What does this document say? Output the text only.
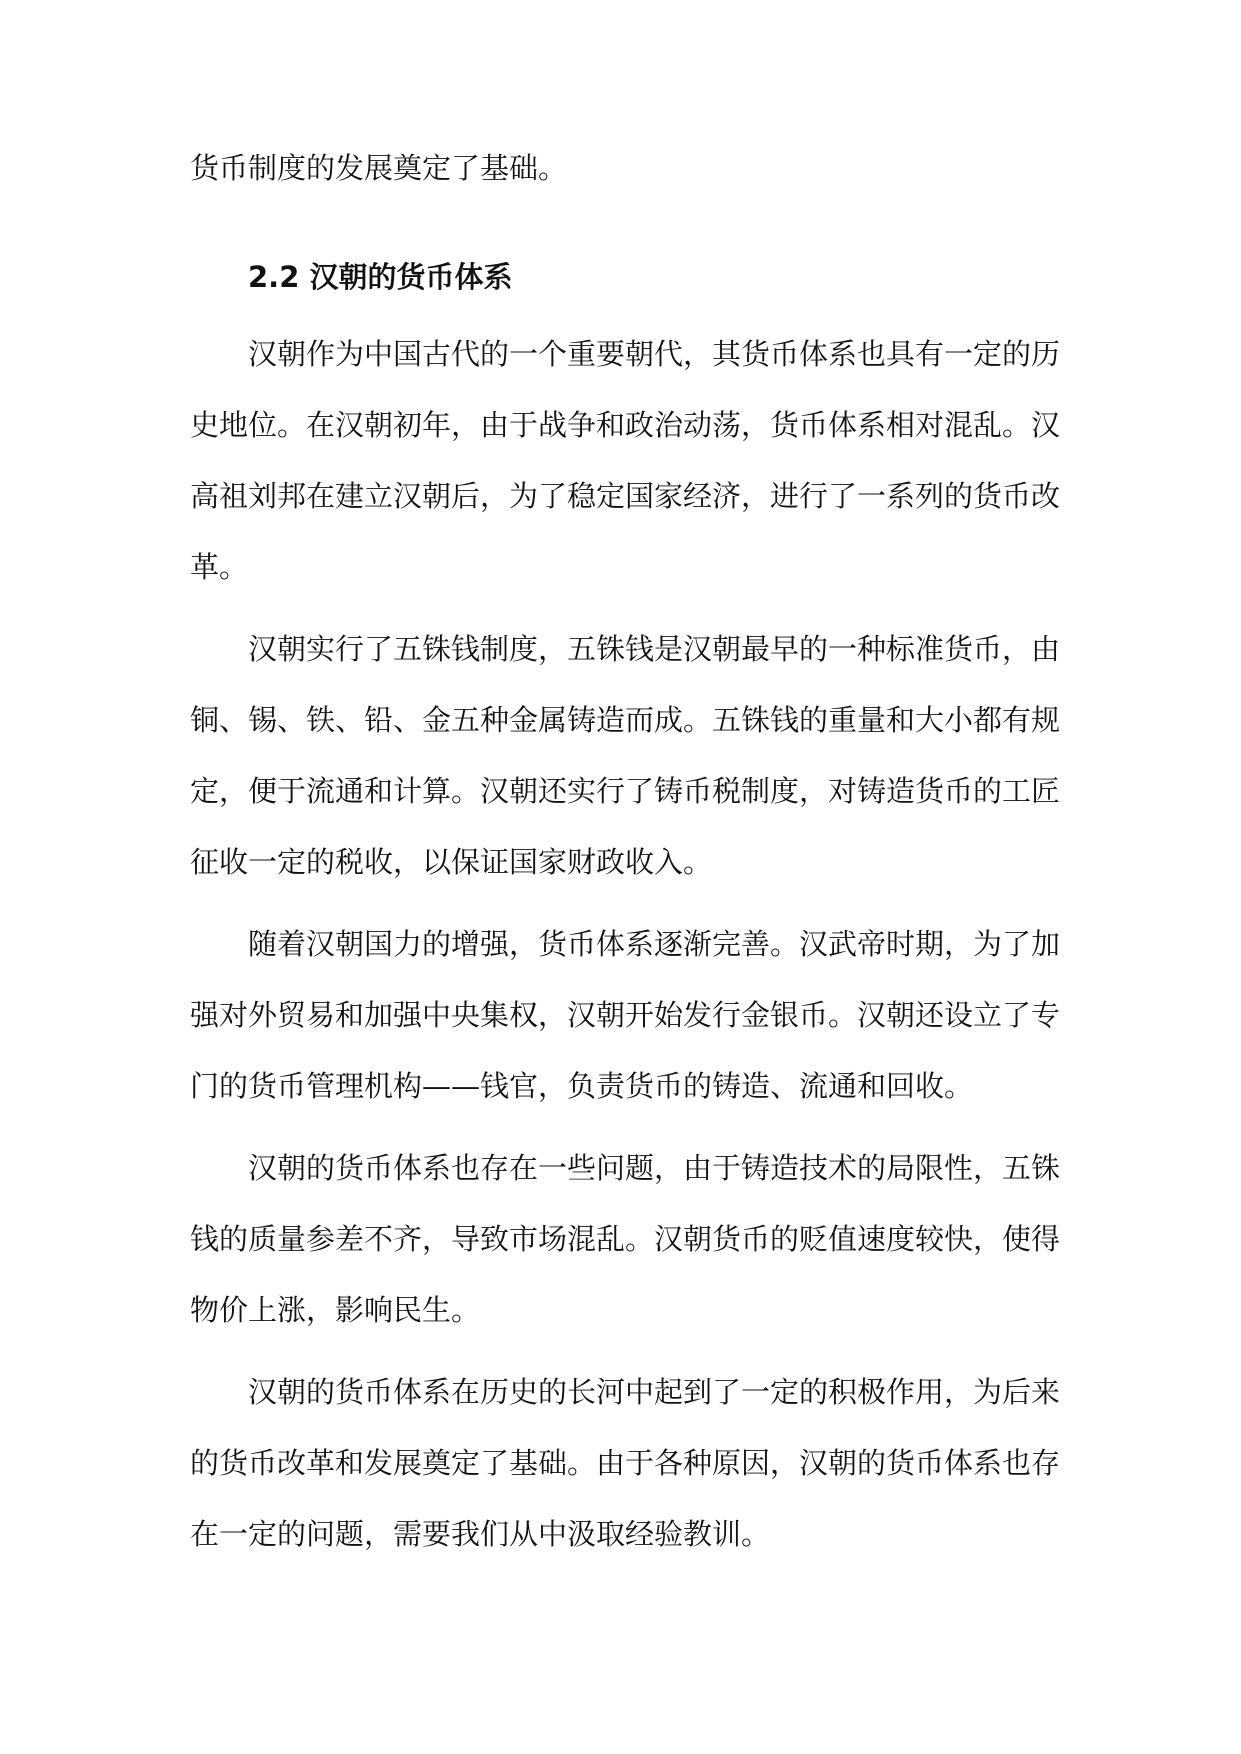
货币制度的发展奠定了基础。
2.2 汉朝的货币体系
汉朝作为中国古代的一个重要朝代，其货币体系也具有一定的历
史地位。在汉朝初年，由于战争和政治动荡，货币体系相对混乱。汉
高祖刘邦在建立汉朝后，为了稳定国家经济，进行了一系列的货币改
革。
汉朝实行了五铢钱制度，五铢钱是汉朝最早的一种标准货币，由
铜、锡、铁、铅、金五种金属铸造而成。五铢钱的重量和大小都有规
定，便于流通和计算。汉朝还实行了铸币税制度，对铸造货币的工匠
征收一定的税收，以保证国家财政收入。
随着汉朝国力的增强，货币体系逐渐完善。汉武帝时期，为了加
强对外贸易和加强中央集权，汉朝开始发行金银币。汉朝还设立了专
门的货币管理机构——钱官，负责货币的铸造、流通和回收。
汉朝的货币体系也存在一些问题，由于铸造技术的局限性，五铢
钱的质量参差不齐，导致市场混乱。汉朝货币的贬值速度较快，使得
物价上涨，影响民生。
汉朝的货币体系在历史的长河中起到了一定的积极作用，为后来
的货币改革和发展奠定了基础。由于各种原因，汉朝的货币体系也存
在一定的问题，需要我们从中汲取经验教训。
